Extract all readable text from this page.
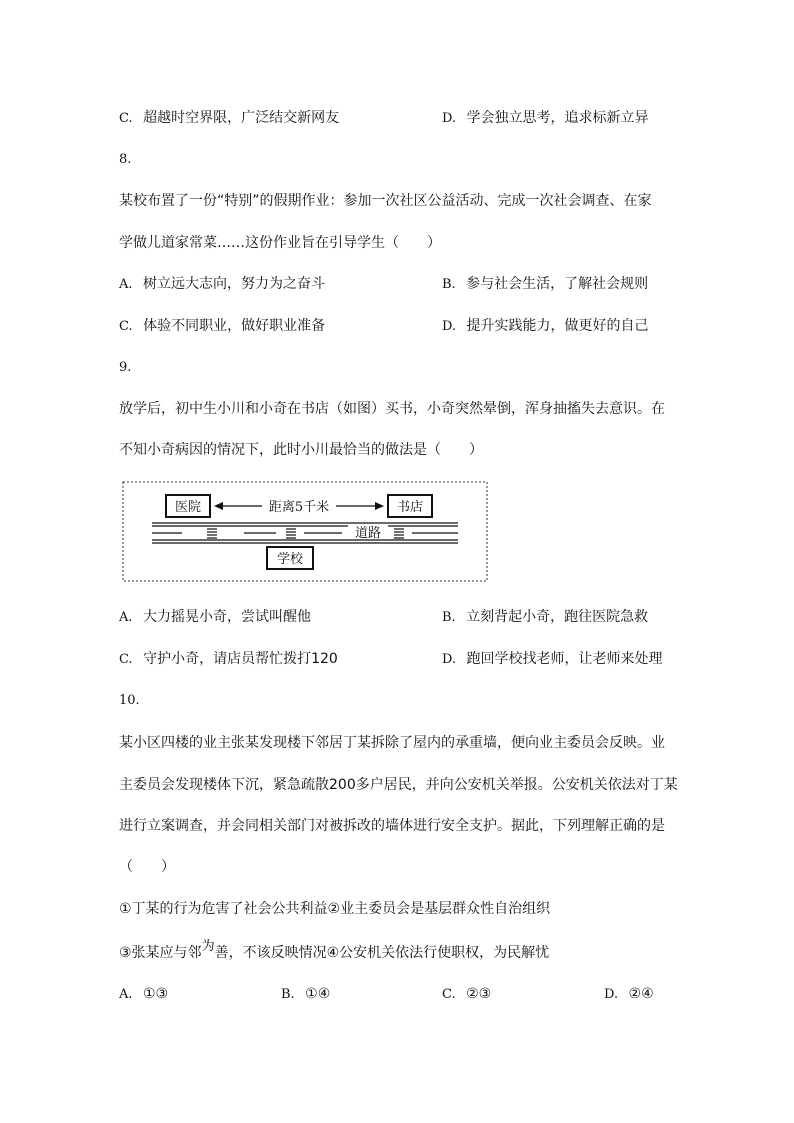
C. 超越时空界限，广泛结交新网友	D. 学会独立思考，追求标新立异
8.
某校布置了一份“特别”的假期作业：参加一次社区公益活动、完成一次社会调查、在家
学做儿道家常菜……这份作业旨在引导学生（　　）
A. 树立远大志向，努力为之奋斗	B. 参与社会生活，了解社会规则
C. 体验不同职业，做好职业准备	D. 提升实践能力，做更好的自己
9.
放学后，初中生小川和小奇在书店（如图）买书，小奇突然晕倒，浑身抽搐失去意识。在
不知小奇病因的情况下，此时小川最恰当的做法是（　　）
医院	书店
距离5千米
道路
学校
A. 大力摇晃小奇，尝试叫醒他	B. 立刻背起小奇，跑往医院急救
C. 守护小奇，请店员帮忙拨打120	D. 跑回学校找老师，让老师来处理
10.
某小区四楼的业主张某发现楼下邻居丁某拆除了屋内的承重墙，便向业主委员会反映。业
主委员会发现楼体下沉，紧急疏散200多户居民，并向公安机关举报。公安机关依法对丁某
进行立案调查，并会同相关部门对被拆改的墙体进行安全支护。据此，下列理解正确的是
（　　）
①丁某的行为危害了社会公共利益②业主委员会是基层群众性自治组织
③张某应与邻为善，不该反映情况④公安机关依法行使职权，为民解忧
A. ①③	B. ①④	C. ②③	D. ②④
